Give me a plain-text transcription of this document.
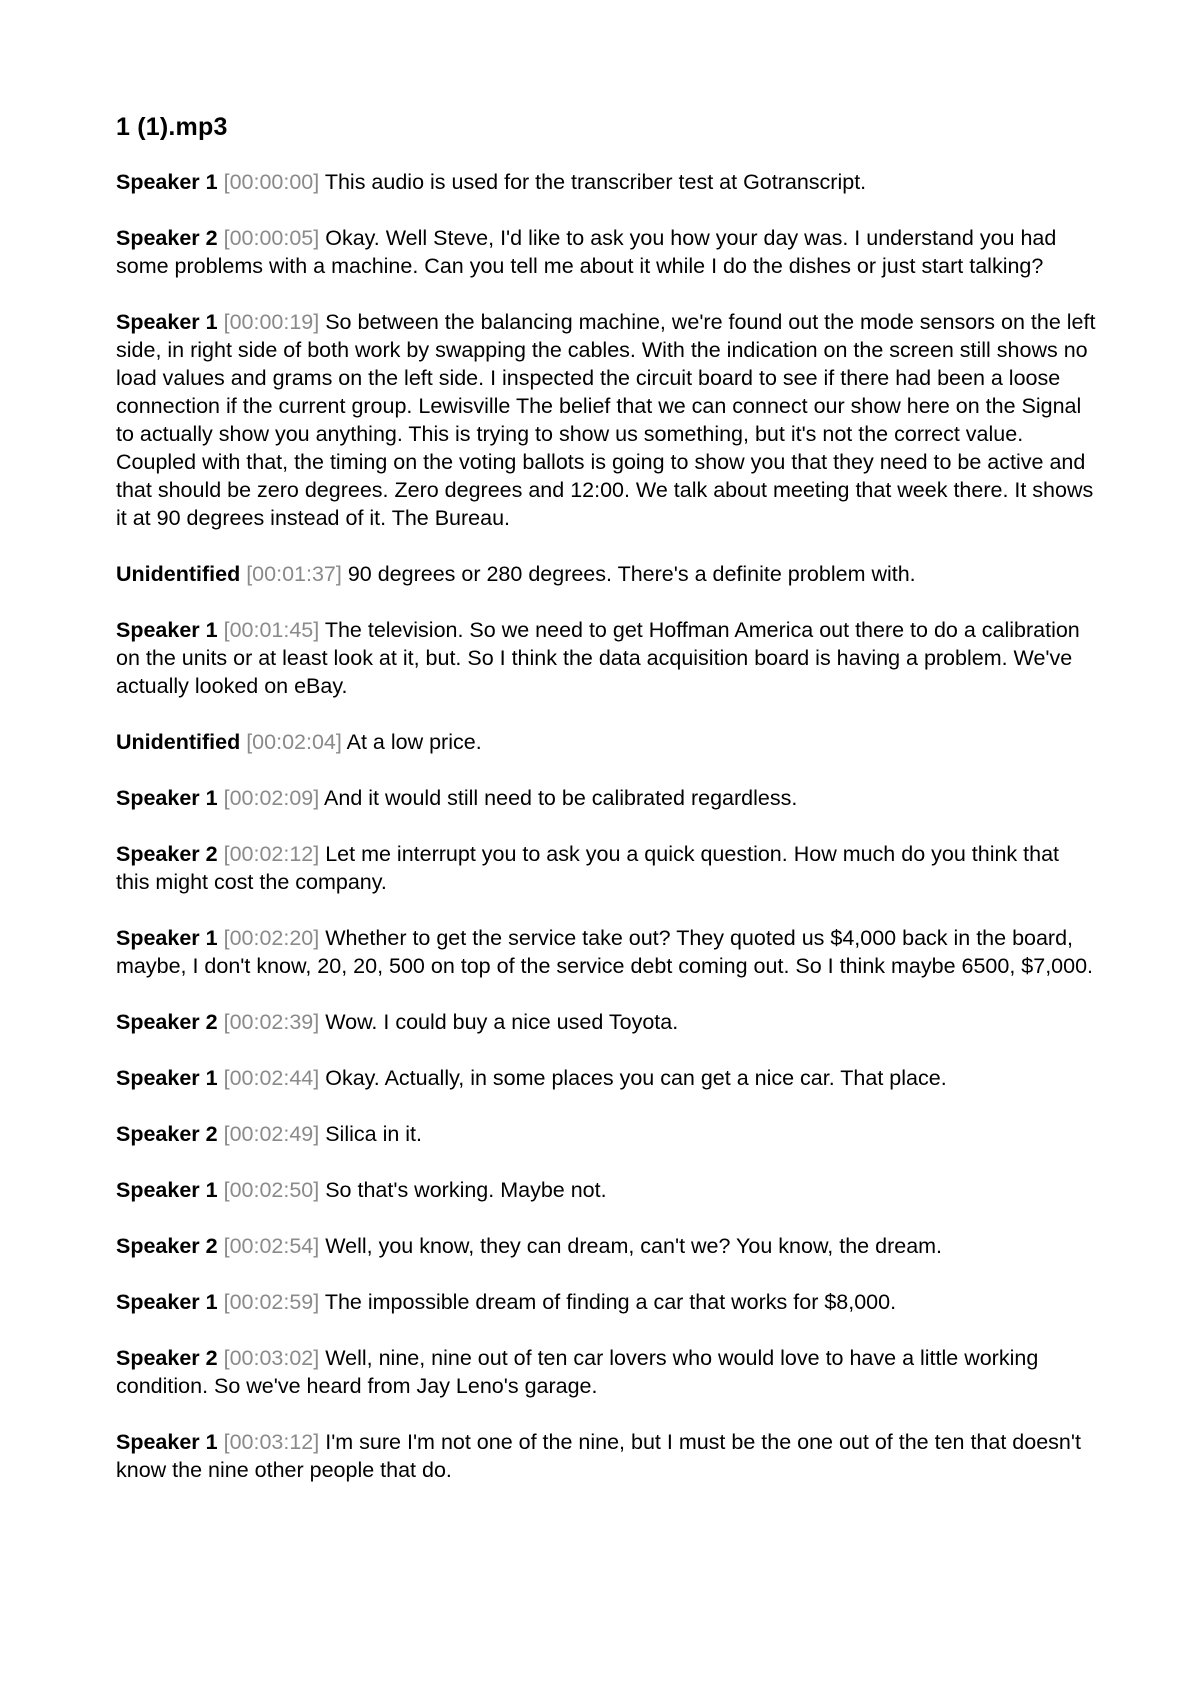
1 (1).mp3
Speaker 1 [00:00:00] This audio is used for the transcriber test at Gotranscript.
Speaker 2 [00:00:05] Okay. Well Steve, I'd like to ask you how your day was. I understand you had some problems with a machine. Can you tell me about it while I do the dishes or just start talking?
Speaker 1 [00:00:19] So between the balancing machine, we're found out the mode sensors on the left side, in right side of both work by swapping the cables. With the indication on the screen still shows no load values and grams on the left side. I inspected the circuit board to see if there had been a loose connection if the current group. Lewisville The belief that we can connect our show here on the Signal to actually show you anything. This is trying to show us something, but it's not the correct value. Coupled with that, the timing on the voting ballots is going to show you that they need to be active and that should be zero degrees. Zero degrees and 12:00. We talk about meeting that week there. It shows it at 90 degrees instead of it. The Bureau.
Unidentified [00:01:37] 90 degrees or 280 degrees. There's a definite problem with.
Speaker 1 [00:01:45] The television. So we need to get Hoffman America out there to do a calibration on the units or at least look at it, but. So I think the data acquisition board is having a problem. We've actually looked on eBay.
Unidentified [00:02:04] At a low price.
Speaker 1 [00:02:09] And it would still need to be calibrated regardless.
Speaker 2 [00:02:12] Let me interrupt you to ask you a quick question. How much do you think that this might cost the company.
Speaker 1 [00:02:20] Whether to get the service take out? They quoted us $4,000 back in the board, maybe, I don't know, 20, 20, 500 on top of the service debt coming out. So I think maybe 6500, $7,000.
Speaker 2 [00:02:39] Wow. I could buy a nice used Toyota.
Speaker 1 [00:02:44] Okay. Actually, in some places you can get a nice car. That place.
Speaker 2 [00:02:49] Silica in it.
Speaker 1 [00:02:50] So that's working. Maybe not.
Speaker 2 [00:02:54] Well, you know, they can dream, can't we? You know, the dream.
Speaker 1 [00:02:59] The impossible dream of finding a car that works for $8,000.
Speaker 2 [00:03:02] Well, nine, nine out of ten car lovers who would love to have a little working condition. So we've heard from Jay Leno's garage.
Speaker 1 [00:03:12] I'm sure I'm not one of the nine, but I must be the one out of the ten that doesn't know the nine other people that do.
